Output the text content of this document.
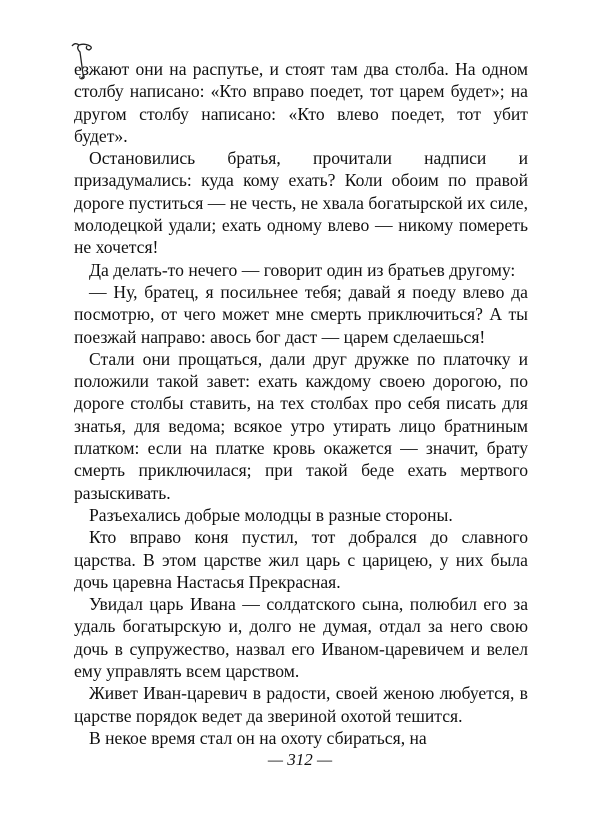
езжают они на распутье, и стоят там два столба. На одном столбу написано: «Кто вправо поедет, тот царем будет»; на другом столбу написано: «Кто влево поедет, тот убит будет».

Остановились братья, прочитали надписи и призадумались: куда кому ехать? Коли обоим по правой дороге пуститься — не честь, не хвала богатырской их силе, молодецкой удали; ехать одному влево — никому помереть не хочется!

Да делать-то нечего — говорит один из братьев другому:

— Ну, братец, я посильнее тебя; давай я поеду влево да посмотрю, от чего может мне смерть приключиться? А ты поезжай направо: авось бог даст — царем сделаешься!

Стали они прощаться, дали друг дружке по платочку и положили такой завет: ехать каждому своею дорогою, по дороге столбы ставить, на тех столбах про себя писать для знатья, для ведома; всякое утро утирать лицо братниным платком: если на платке кровь окажется — значит, брату смерть приключилася; при такой беде ехать мертвого разыскивать.

Разъехались добрые молодцы в разные стороны.

Кто вправо коня пустил, тот добрался до славного царства. В этом царстве жил царь с царицею, у них была дочь царевна Настасья Прекрасная.

Увидал царь Ивана — солдатского сына, полюбил его за удаль богатырскую и, долго не думая, отдал за него свою дочь в супружество, назвал его Иваном-царевичем и велел ему управлять всем царством.

Живет Иван-царевич в радости, своей женою любуется, в царстве порядок ведет да звериной охотой тешится.

В некое время стал он на охоту сбираться, на

— 312 —
